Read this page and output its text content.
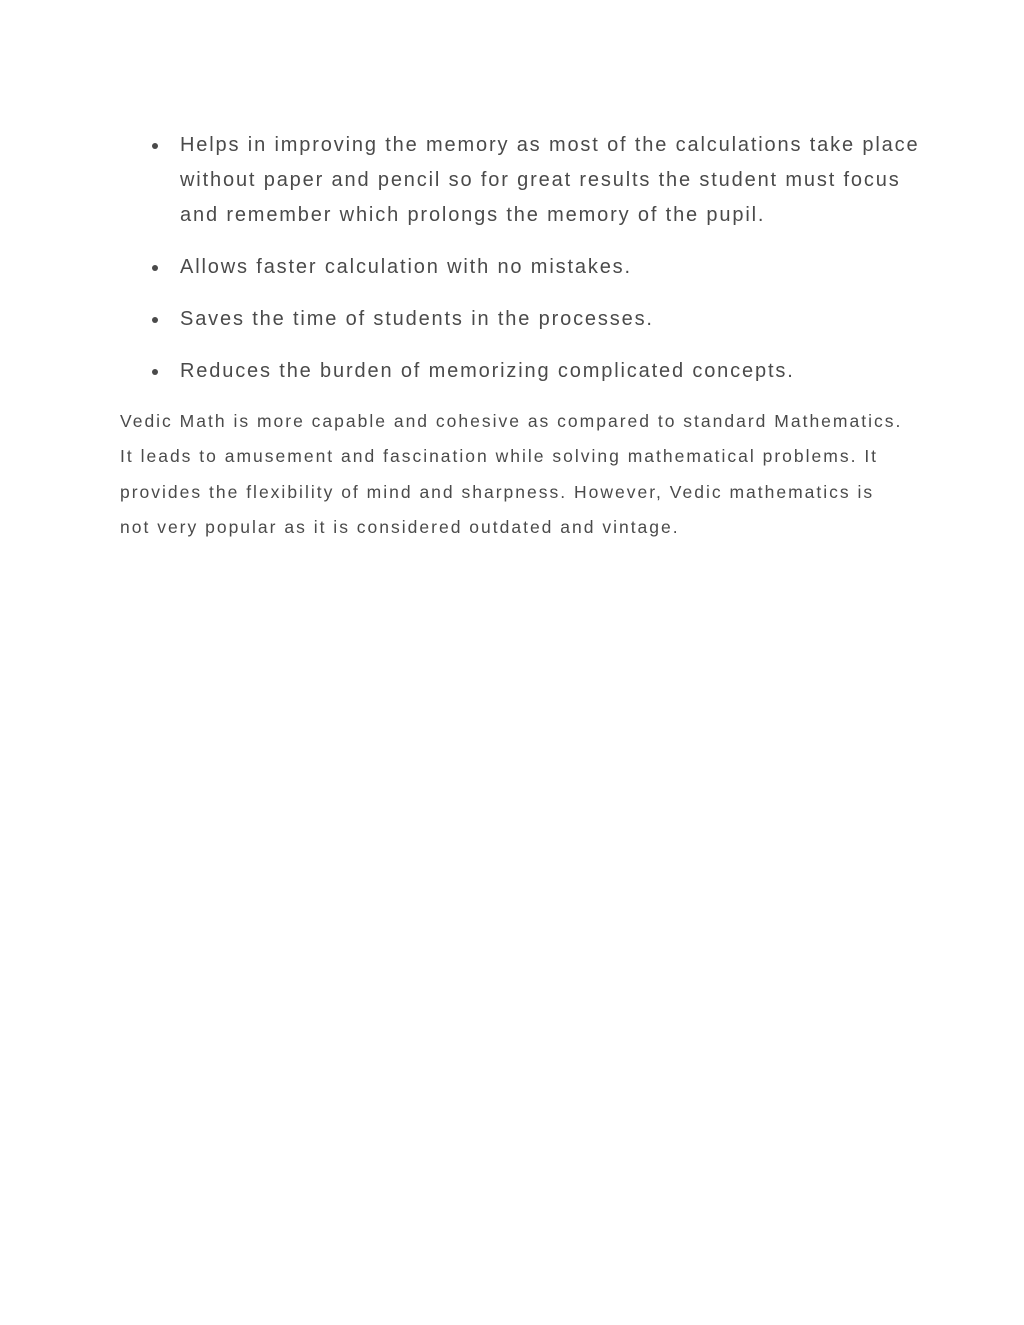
Helps in improving the memory as most of the calculations take place without paper and pencil so for great results the student must focus and remember which prolongs the memory of the pupil.
Allows faster calculation with no mistakes.
Saves the time of students in the processes.
Reduces the burden of memorizing complicated concepts.

Vedic Math is more capable and cohesive as compared to standard Mathematics. It leads to amusement and fascination while solving mathematical problems. It provides the flexibility of mind and sharpness. However, Vedic mathematics is not very popular as it is considered outdated and vintage.
